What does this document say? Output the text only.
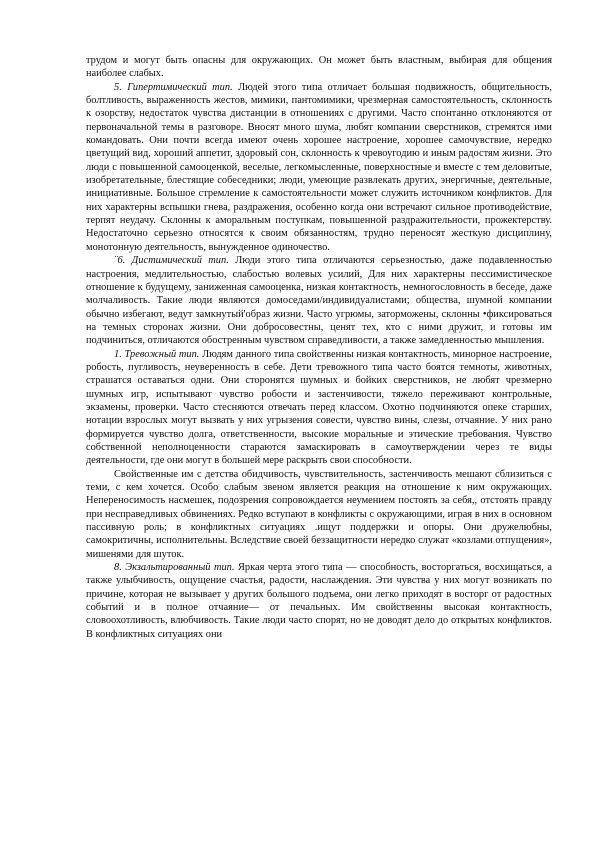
трудом и могут быть опасны для окружающих. Он может быть властным, выбирая для общения наиболее слабых.

5. Гипертимический тип. Людей этого типа отличает большая подвижность, общительность, болтливость, выраженность жестов, мимики, пантомимики, чрезмерная самостоятельность, склонность к озорству, недостаток чувства дистанции в отношениях с другими. Часто спонтанно отклоняются от первоначальной темы в разговоре. Вносят много шума, любят компании сверстников, стремятся ими командовать. Они почти всегда имеют очень хорошее настроение, хорошее самочувствие, нередко цветущий вид, хороший аппетит, здоровый сон, склонность к чревоугодию и иным радостям жизни. Это люди с повышенной самооценкой, веселые, легкомысленные, поверхностные и вместе с тем деловитые, изобретательные, блестящие собеседники; люди, умеющие развлекать других, энергичные, деятельные, инициативные. Большое стремление к самостоятельности может служить источником конфликтов. Для них характерны вспышки гнева, раздражения, особенно когда они встречают сильное противодействие, терпят неудачу. Склонны к аморальным поступкам, повышенной раздражительности, прожектерству. Недостаточно серьезно относятся к своим обязанностям, трудно переносят жесткую дисциплину, монотонную деятельность, вынужденное одиночество.

¨6. Дистимический тип. Люди этого типа отличаются серьезностью, даже подавленностью настроения, медлительностью, слабостью волевых усилий, Для них характерны пессимистическое отношение к будущему, заниженная самооценка, низкая контактность, немногословность в беседе, даже молчаливость. Такие люди являются домоседами/индивидуалистами; общества, шумной компании обычно избегают, ведут замкнутый'образ жизни. Часто угрюмы, заторможены, склонны •фиксироваться на темных сторонах жизни. Они добросовестны, ценят тех, кто с ними дружит, и готовы им подчиниться, отличаются обостренным чувством справедливости, а также замедленностью мышления.

1. Тревожный тип. Людям данного типа свойственны низкая контактность, минорное настроение, робость, пугливость, неуверенность в себе. Дети тревожного типа часто боятся темноты, животных, страшатся оставаться одни. Они сторонятся шумных и бойких сверстников, не любят чрезмерно шумных игр, испытывают чувство робости и застенчивости, тяжело переживают контрольные, экзамены, проверки. Часто стесняются отвечать перед классом. Охотно подчиняются опеке старших, нотации взрослых могут вызвать у них угрызения совести, чувство вины, слезы, отчаяние. У них рано формируется чувство долга, ответственности, высокие моральные и этические требования. Чувство собственной неполноценности стараются замаскировать в самоутверждении через те виды деятельности, где они могут в большей мере раскрыть свои способности.

Свойственные им с детства обидчивость, чувствительность, застенчивость мешают сблизиться с теми, с кем хочется. Особо слабым звеном является реакция на отношение к ним окружающих. Непереносимость насмешек, подозрения сопровождается неумением постоять за себя,, отстоять правду при несправедливых обвинениях. Редко вступают в конфликты с окружающими, играя в них в основном пассивную роль; в конфликтных ситуациях .ищут поддержки и опоры. Они дружелюбны, самокритичны, исполнительны. Вследствие своей беззащитности нередко служат «козлами отпущения», мишенями для шуток.

8. Экзальтированный тип. Яркая черта этого типа — способность, восторгаться, восхищаться, а также улыбчивость, ощущение счастья, радости, наслаждения. Эти чувства у них могут возникать по причине, которая не вызывает у других большого подъема, они легко приходят в восторг от радостных событий и в полное отчаяние— от печальных. Им свойственны высокая контактность, словоохотливость, влюбчивость. Такие люди часто спорят, но не доводят дело до открытых конфликтов. В конфликтных ситуациях они
